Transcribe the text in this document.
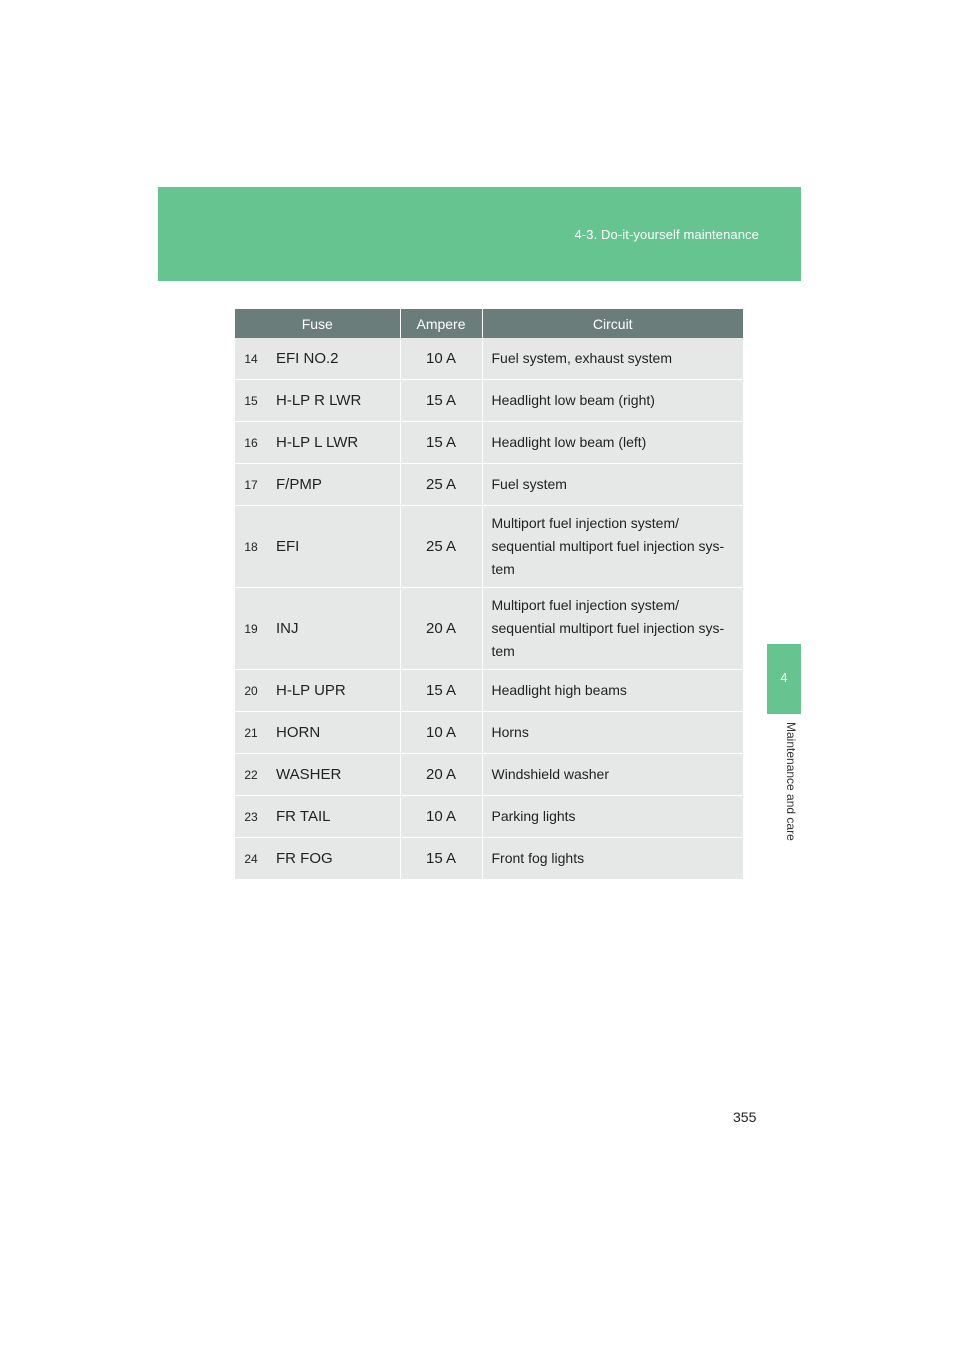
4-3. Do-it-yourself maintenance
4
Maintenance and care
Fuse		Ampere	Circuit
14	EFI NO.2	10 A	Fuel system, exhaust system
15	H-LP R LWR	15 A	Headlight low beam (right)
16	H-LP L LWR	15 A	Headlight low beam (left)
17	F/PMP	25 A	Fuel system
18	EFI	25 A	Multiport fuel injection system/ sequential multiport fuel injection sys- tem
19	INJ	20 A	Multiport fuel injection system/ sequential multiport fuel injection sys- tem
20	H-LP UPR	15 A	Headlight high beams
21	HORN	10 A	Horns
22	WASHER	20 A	Windshield washer
23	FR TAIL	10 A	Parking lights
24	FR FOG	15 A	Front fog lights
355
